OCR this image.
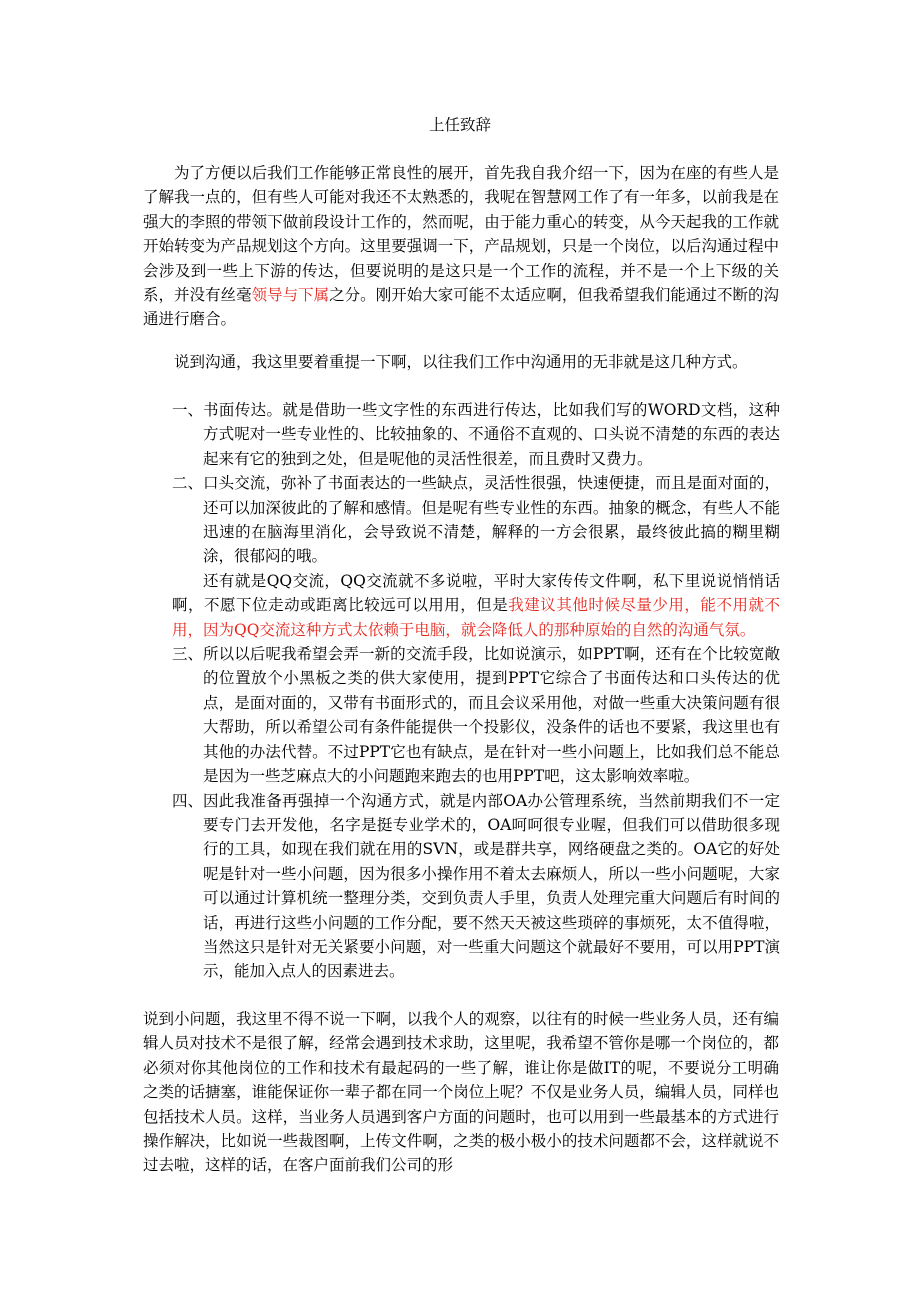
上任致辞
为了方便以后我们工作能够正常良性的展开，首先我自我介绍一下，因为在座的有些人是了解我一点的，但有些人可能对我还不太熟悉的，我呢在智慧网工作了有一年多，以前我是在强大的李照的带领下做前段设计工作的，然而呢，由于能力重心的转变，从今天起我的工作就开始转变为产品规划这个方向。这里要强调一下，产品规划，只是一个岗位，以后沟通过程中会涉及到一些上下游的传达，但要说明的是这只是一个工作的流程，并不是一个上下级的关系，并没有丝毫领导与下属之分。刚开始大家可能不太适应啊，但我希望我们能通过不断的沟通进行磨合。
说到沟通，我这里要着重提一下啊，以往我们工作中沟通用的无非就是这几种方式。
一、 书面传达。就是借助一些文字性的东西进行传达，比如我们写的WORD文档，这种方式呢对一些专业性的、比较抽象的、不通俗不直观的、口头说不清楚的东西的表达起来有它的独到之处，但是呢他的灵活性很差，而且费时又费力。
二、 口头交流，弥补了书面表达的一些缺点，灵活性很强，快速便捷，而且是面对面的，还可以加深彼此的了解和感情。但是呢有些专业性的东西。抽象的概念，有些人不能迅速的在脑海里消化，会导致说不清楚，解释的一方会很累，最终彼此搞的糊里糊涂，很郁闷的哦。
还有就是QQ交流，QQ交流就不多说啦，平时大家传传文件啊，私下里说说悄悄话啊，不愿下位走动或距离比较远可以用用，但是我建议其他时候尽量少用，能不用就不用，因为QQ交流这种方式太依赖于电脑，就会降低人的那种原始的自然的沟通气氛。
三、 所以以后呢我希望会弄一新的交流手段，比如说演示，如PPT啊，还有在个比较宽敞的位置放个小黑板之类的供大家使用，提到PPT它综合了书面传达和口头传达的优点，是面对面的，又带有书面形式的，而且会议采用他，对做一些重大决策问题有很大帮助，所以希望公司有条件能提供一个投影仪，没条件的话也不要紧，我这里也有其他的办法代替。不过PPT它也有缺点，是在针对一些小问题上，比如我们总不能总是因为一些芝麻点大的小问题跑来跑去的也用PPT吧，这太影响效率啦。
四、 因此我准备再强掉一个沟通方式，就是内部OA办公管理系统，当然前期我们不一定要专门去开发他，名字是挺专业学术的，OA呵呵很专业喔，但我们可以借助很多现行的工具，如现在我们就在用的SVN，或是群共享，网络硬盘之类的。OA它的好处呢是针对一些小问题，因为很多小操作用不着太去麻烦人，所以一些小问题呢，大家可以通过计算机统一整理分类，交到负责人手里，负责人处理完重大问题后有时间的话，再进行这些小问题的工作分配，要不然天天被这些琐碎的事烦死，太不值得啦，当然这只是针对无关紧要小问题，对一些重大问题这个就最好不要用，可以用PPT演示，能加入点人的因素进去。
说到小问题，我这里不得不说一下啊，以我个人的观察，以往有的时候一些业务人员，还有编辑人员对技术不是很了解，经常会遇到技术求助，这里呢，我希望不管你是哪一个岗位的，都必须对你其他岗位的工作和技术有最起码的一些了解，谁让你是做IT的呢，不要说分工明确之类的话搪塞，谁能保证你一辈子都在同一个岗位上呢？不仅是业务人员，编辑人员，同样也包括技术人员。这样，当业务人员遇到客户方面的问题时，也可以用到一些最基本的方式进行操作解决，比如说一些裁图啊，上传文件啊，之类的极小极小的技术问题都不会，这样就说不过去啦，这样的话，在客户面前我们公司的形
